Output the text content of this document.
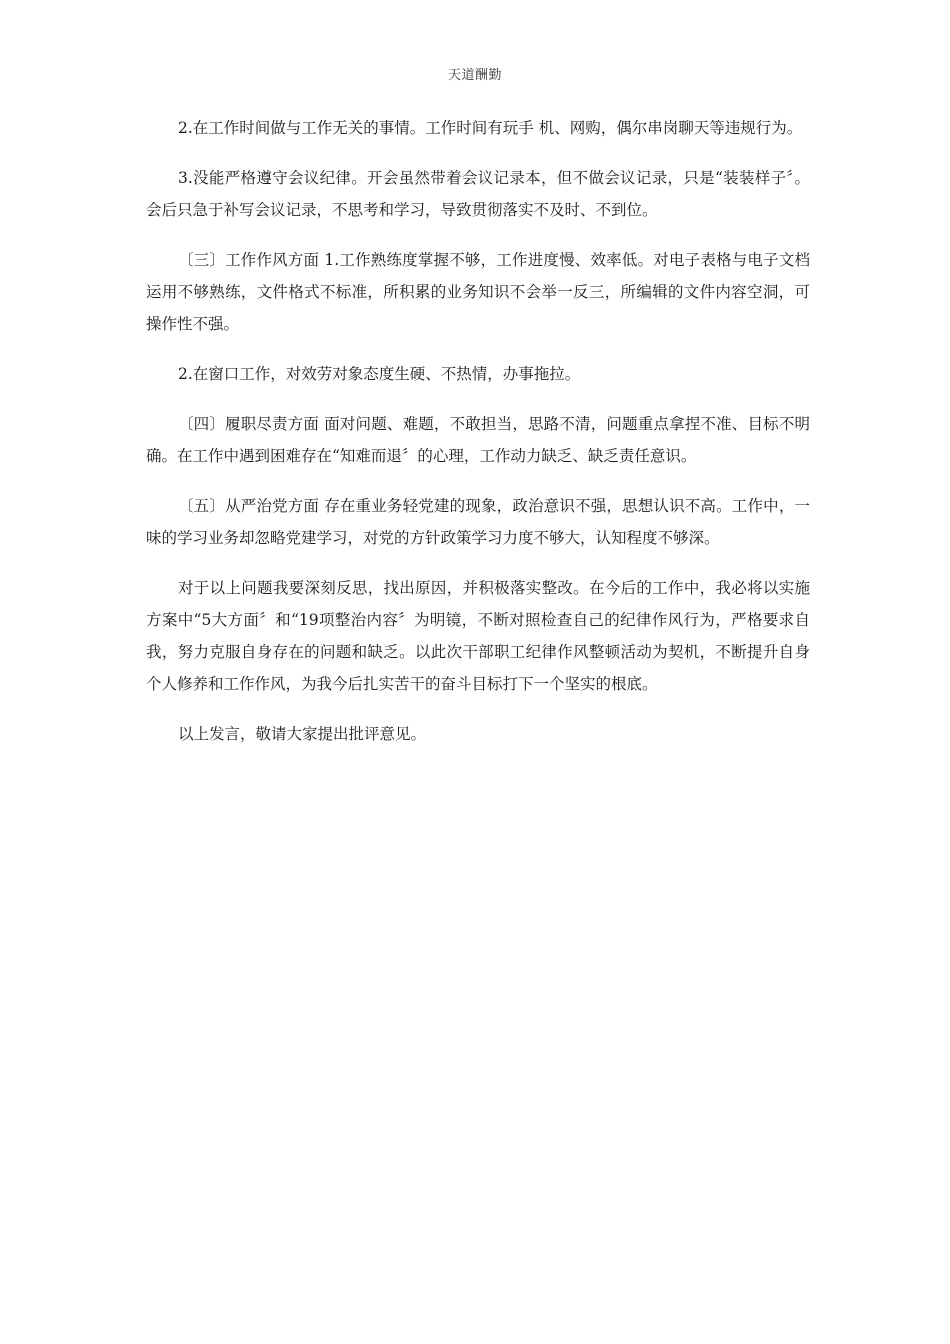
天道酬勤

2.在工作时间做与工作无关的事情。工作时间有玩手 机、网购，偶尔串岗聊天等违规行为。

3.没能严格遵守会议纪律。开会虽然带着会议记录本，但不做会议记录，只是“装装样子〞。会后只急于补写会议记录，不思考和学习，导致贯彻落实不及时、不到位。

〔三〕工作作风方面 1.工作熟练度掌握不够，工作进度慢、效率低。对电子表格与电子文档运用不够熟练，文件格式不标准，所积累的业务知识不会举一反三，所编辑的文件内容空洞，可操作性不强。

2.在窗口工作，对效劳对象态度生硬、不热情，办事拖拉。

〔四〕履职尽责方面 面对问题、难题，不敢担当，思路不清，问题重点拿捏不准、目标不明确。在工作中遇到困难存在“知难而退〞的心理，工作动力缺乏、缺乏责任意识。

〔五〕从严治党方面 存在重业务轻党建的现象，政治意识不强，思想认识不高。工作中，一味的学习业务却忽略党建学习，对党的方针政策学习力度不够大，认知程度不够深。

对于以上问题我要深刻反思，找出原因，并积极落实整改。在今后的工作中，我必将以实施方案中“5大方面〞和“19项整治内容〞为明镜，不断对照检查自己的纪律作风行为，严格要求自我，努力克服自身存在的问题和缺乏。以此次干部职工纪律作风整顿活动为契机，不断提升自身个人修养和工作作风，为我今后扎实苦干的奋斗目标打下一个坚实的根底。

以上发言，敬请大家提出批评意见。
